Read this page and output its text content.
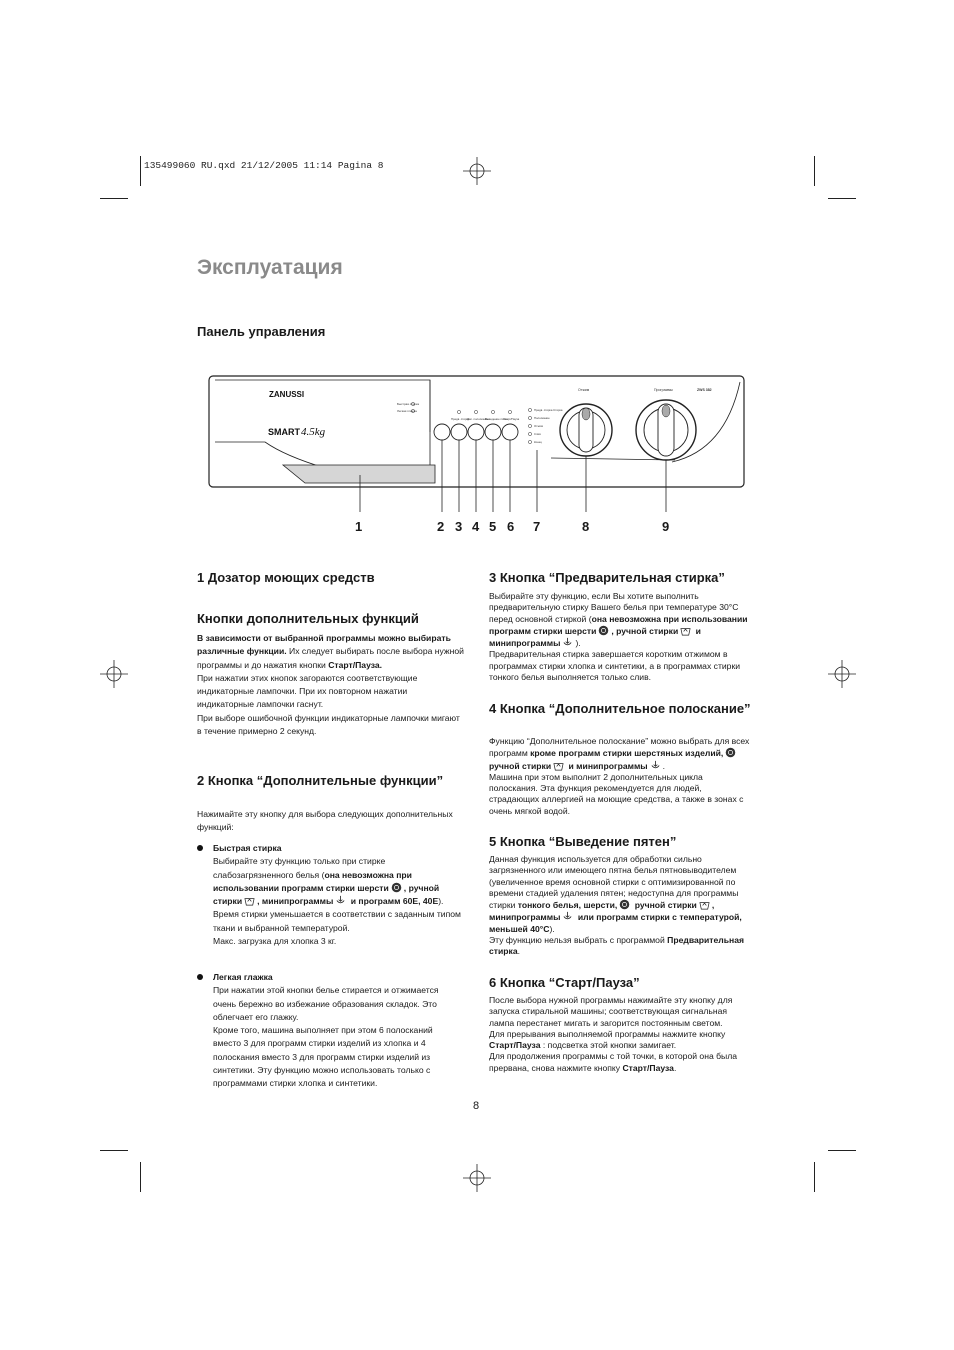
135499060 RU.qxd 21/12/2005 11:14 Pagina 8
Эксплуатация
Панель управления
ZANUSSI
SMART 4.5kg
Быстрая стирка
Легкая глажка
Предв. стирка
Доп. полоскание
Выведение пятен
Старт/Пауза
Предв. стирка Стирка
Полоскание
Отжим
Слив
Конец
Отжим	Программы	ZWS 382
1	2 3 4 5 6 7	8	9
1 Дозатор моющих средств
Кнопки дополнительных функций

В зависимости от выбранной программы можно выбирать различные функции. Их следует выбирать после выбора нужной программы и до нажатия кнопки Старт/Пауза.

При нажатии этих кнопок загораются соответствующие индикаторные лампочки. При их повторном нажатии индикаторные лампочки гаснут.

При выборе ошибочной функции индикаторные лампочки мигают в течение примерно 2 секунд.

2 Кнопка “Дополнительные функции”

Нажимайте эту кнопку для выбора следующих дополнительных функций:

Быстрая стирка

Выбирайте эту функцию только при стирке слабозагрязненного белья (она невозможна при использовании программ стирки шерсти , ручной стирки , минипрограммы и программ 60E, 40E).

Время стирки уменьшается в соответствии с заданным типом ткани и выбранной температурой.

Макс. загрузка для хлопка 3 кг.

Легкая глажка

При нажатии этой кнопки белье стирается и отжимается очень бережно во избежание образования складок. Это облегчает его глажку.

Кроме того, машина выполняет при этом 6 полосканий вместо 3 для программ стирки изделий из хлопка и 4 полоскания вместо 3 для программ стирки изделий из синтетики. Эту функцию можно использовать только с программами стирки хлопка и синтетики.

3 Кнопка “Предварительная стирка”

Выбирайте эту функцию, если Вы хотите выполнить предварительную стирку Вашего белья при температуре 30°C перед основной стиркой (она невозможна при использовании программ стирки шерсти , ручной стирки и минипрограммы ).

Предварительная стирка завершается коротким отжимом в программах стирки хлопка и синтетики, а в программах стирки тонкого белья выполняется только слив.

4 Кнопка “Дополнительное полоскание”

Функцию “Дополнительное полоскание” можно выбрать для всех программ кроме программ стирки шерстяных изделий, ручной стирки и минипрограммы .

Машина при этом выполнит 2 дополнительных цикла полоскания. Эта функция рекомендуется для людей, страдающих аллергией на моющие средства, а также в зонах с очень мягкой водой.

5 Кнопка “Выведение пятен”

Данная функция используется для обработки сильно загрязненного или имеющего пятна белья пятновыводителем (увеличенное время основной стирки с оптимизированной по времени стадией удаления пятен; недоступна для программы стирки тонкого белья, шерсти, ручной стирки , минипрограммы или программ стирки с температурой, меньшей 40°C).

Эту функцию нельзя выбрать с программой Предварительная стирка.

6 Кнопка “Старт/Пауза”

После выбора нужной программы нажимайте эту кнопку для запуска стиральной машины; соответствующая сигнальная лампа перестанет мигать и загорится постоянным светом.

Для прерывания выполняемой программы нажмите кнопку Старт/Пауза : подсветка этой кнопки замигает.

Для продолжения программы с той точки, в которой она была прервана, снова нажмите кнопку Старт/Пауза.

8
